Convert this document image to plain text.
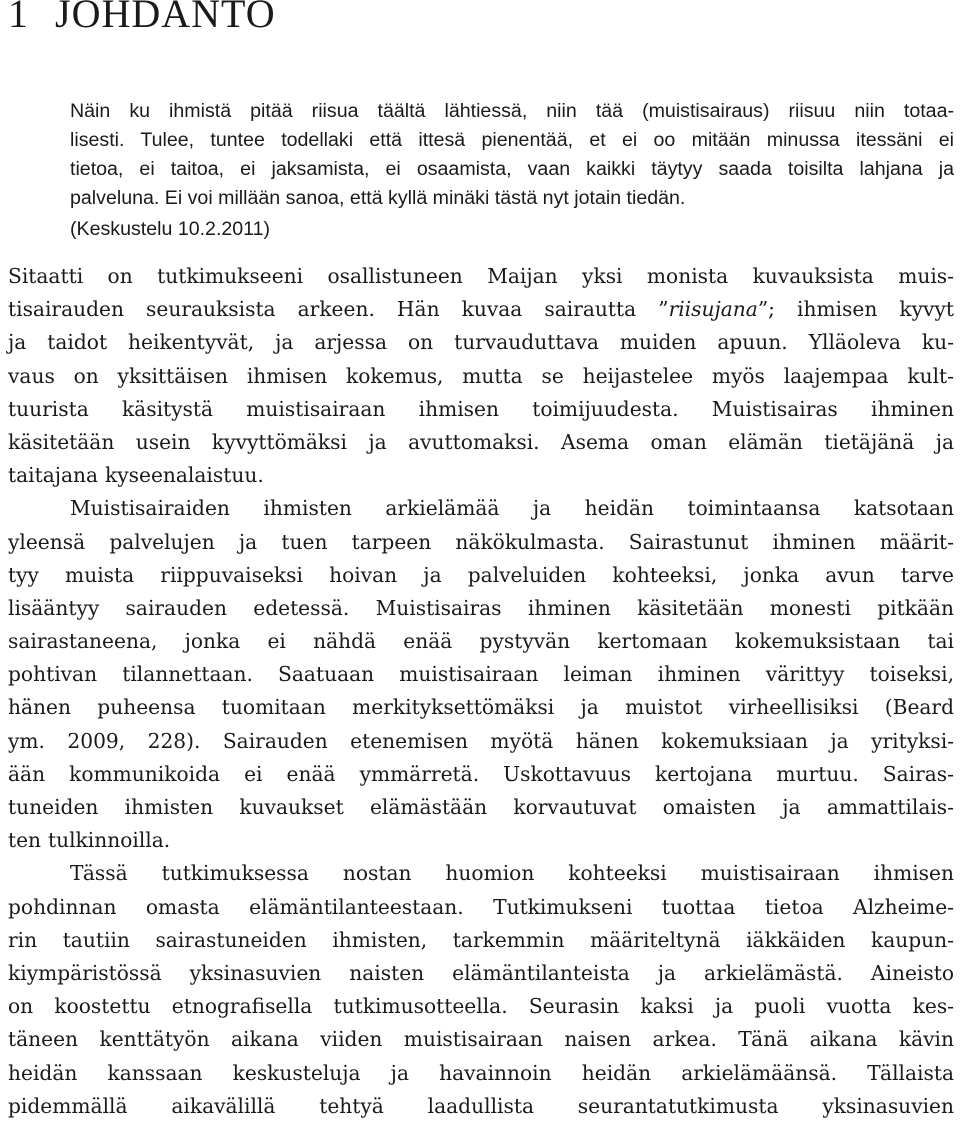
1 JOHDANTO
Näin ku ihmistä pitää riisua täältä lähtiessä, niin tää (muistisairaus) riisuu niin totaa-
lisesti. Tulee, tuntee todellaki että ittesä pienentää, et ei oo mitään minussa itessäni ei
tietoa, ei taitoa, ei jaksamista, ei osaamista, vaan kaikki täytyy saada toisilta lahjana ja
palveluna. Ei voi millään sanoa, että kyllä minäki tästä nyt jotain tiedän.
(Keskustelu 10.2.2011)

Sitaatti on tutkimukseeni osallistuneen Maijan yksi monista kuvauksista muis-
tisairauden seurauksista arkeen. Hän kuvaa sairautta ”riisujana”; ihmisen kyvyt
ja taidot heikentyvät, ja arjessa on turvauduttava muiden apuun. Ylläoleva ku-
vaus on yksittäisen ihmisen kokemus, mutta se heijastelee myös laajempaa kult-
tuurista käsitystä muistisairaan ihmisen toimijuudesta. Muistisairas ihminen
käsitetään usein kyvyttömäksi ja avuttomaksi. Asema oman elämän tietäjänä ja
taitajana kyseenalaistuu.

Muistisairaiden ihmisten arkielämää ja heidän toimintaansa katsotaan
yleensä palvelujen ja tuen tarpeen näkökulmasta. Sairastunut ihminen määrit-
tyy muista riippuvaiseksi hoivan ja palveluiden kohteeksi, jonka avun tarve
lisääntyy sairauden edetessä. Muistisairas ihminen käsitetään monesti pitkään
sairastaneena, jonka ei nähdä enää pystyvän kertomaan kokemuksistaan tai
pohtivan tilannettaan. Saatuaan muistisairaan leiman ihminen värittyy toiseksi,
hänen puheensa tuomitaan merkityksettömäksi ja muistot virheellisiksi (Beard
ym. 2009, 228). Sairauden etenemisen myötä hänen kokemuksiaan ja yrityksi-
ään kommunikoida ei enää ymmärretä. Uskottavuus kertojana murtuu. Sairas-
tuneiden ihmisten kuvaukset elämästään korvautuvat omaisten ja ammattilais-
ten tulkinnoilla.

Tässä tutkimuksessa nostan huomion kohteeksi muistisairaan ihmisen
pohdinnan omasta elämäntilanteestaan. Tutkimukseni tuottaa tietoa Alzheime-
rin tautiin sairastuneiden ihmisten, tarkemmin määriteltynä iäkkäiden kaupun-
kiympäristössä yksinasuvien naisten elämäntilanteista ja arkielämästä. Aineisto
on koostettu etnografisella tutkimusotteella. Seurasin kaksi ja puoli vuotta kes-
täneen kenttätyön aikana viiden muistisairaan naisen arkea. Tänä aikana kävin
heidän kanssaan keskusteluja ja havainnoin heidän arkielämäänsä. Tällaista
pidemmällä aikavälillä tehtyä laadullista seurantatutkimusta yksinasuvien
